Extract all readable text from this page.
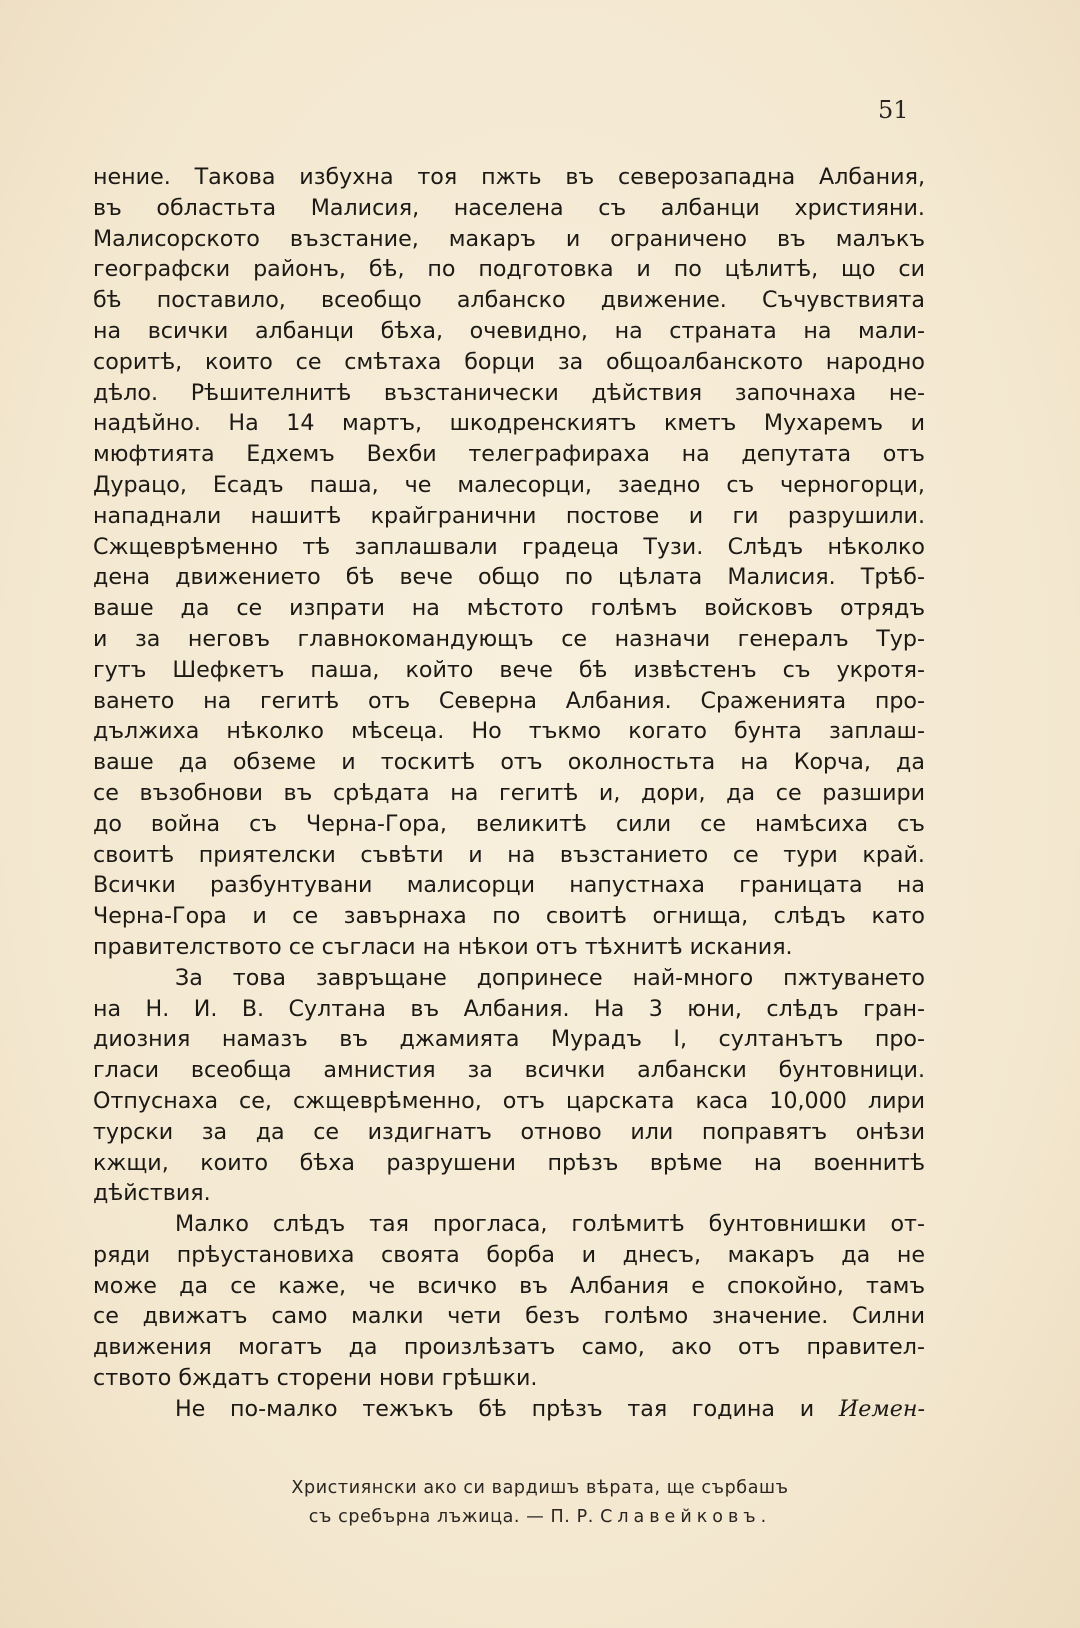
51
нение. Такова избухна тоя пжть въ северозападна Албания,
въ областьта Малисия, населена съ албанци християни.
Малисорското възстание, макаръ и ограничено въ малъкъ
географски районъ, бѣ, по подготовка и по цѣлитѣ, що си
бѣ поставило, всеобщо албанско движение. Съчувствията
на всички албанци бѣха, очевидно, на страната на мали-
соритѣ, които се смѣтаха борци за общоалбанското народно
дѣло. Рѣшителнитѣ възстанически дѣйствия започнаха не-
надѣйно. На 14 мартъ, шкодренскиятъ кметъ Мухаремъ и
мюфтията Едхемъ Вехби телеграфираха на депутата отъ
Дурацо, Есадъ паша, че малесорци, заедно съ черногорци,
нападнали нашитѣ крайгранични постове и ги разрушили.
Сжщеврѣменно тѣ заплашвали градеца Тузи. Слѣдъ нѣколко
дена движението бѣ вече общо по цѣлата Малисия. Трѣб-
ваше да се изпрати на мѣстото голѣмъ войсковъ отрядъ
и за неговъ главнокомандующъ се назначи генералъ Тур-
гутъ Шефкетъ паша, който вече бѣ извѣстенъ съ укротя-
ването на гегитѣ отъ Северна Албания. Сраженията про-
дължиха нѣколко мѣсеца. Но тъкмо когато бунта заплаш-
ваше да обземе и тоскитѣ отъ околностьта на Корча, да
се възобнови въ срѣдата на гегитѣ и, дори, да се разшири
до война съ Черна-Гора, великитѣ сили се намѣсиха съ
своитѣ приятелски съвѣти и на възстанието се тури край.
Всички разбунтувани малисорци напустнаха границата на
Черна-Гора и се завърнаха по своитѣ огнища, слѣдъ като
правителството се съгласи на нѣкои отъ тѣхнитѣ искания.
За това завръщане допринесе най-много пжтуването
на Н. И. В. Султана въ Албания. На 3 юни, слѣдъ гран-
диозния намазъ въ джамията Мурадъ I, султанътъ про-
гласи всеобща амнистия за всички албански бунтовници.
Отпуснаха се, сжщеврѣменно, отъ царската каса 10,000 лири
турски за да се издигнатъ отново или поправятъ онѣзи
кжщи, които бѣха разрушени прѣзъ врѣме на военнитѣ
дѣйствия.
Малко слѣдъ тая прогласа, голѣмитѣ бунтовнишки от-
ряди прѣустановиха своята борба и днесъ, макаръ да не
може да се каже, че всичко въ Албания е спокойно, тамъ
се движатъ само малки чети безъ голѣмо значение. Силни
движения могатъ да произлѣзатъ само, ако отъ правител-
ството бждатъ сторени нови грѣшки.
Не по-малко тежъкъ бѣ прѣзъ тая година и Иемен-
Християнски ако си вардишъ вѣрата, ще сърбашъ
съ сребърна лъжица. — П. Р. Славейковъ.
